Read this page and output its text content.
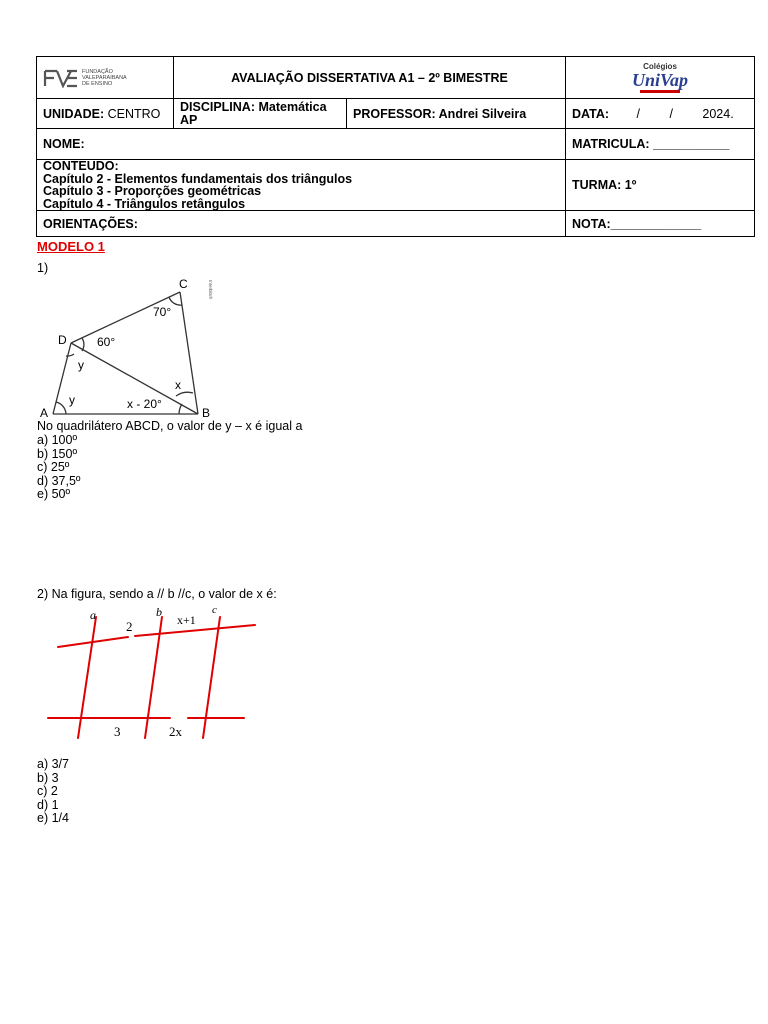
FUNDAÇÃO VALEPARAIBANA DE ENSINO	AVALIAÇÃO DISSERTATIVA A1 – 2º BIMESTRE		Colégios
UniVap

UNIDADE: CENTRO	DISCIPLINA: Matemática AP	PROFESSOR: Andrei Silveira	DATA: / / 2024.
NOME:			MATRICULA: ___________

CONTEUDO:
Capítulo 2 - Elementos fundamentais dos triângulos
Capítulo 3 - Proporções geométricas
Capítulo 4 - Triângulos retângulos			TURMA: 1º
ORIENTAÇÕES:			NOTA:_____________
MODELO 1
1)
C
D
A	B
70°
60°
y
y
x
x - 20°
Interbits®
No quadrilátero ABCD, o valor de y – x é igual a
a) 100º
b) 150º
c) 25º
d) 37,5º
e) 50º
2) Na figura, sendo a // b //c, o valor de x é:
a	b	c
2	x+1
3	2x
a) 3/7
b) 3
c) 2
d) 1
e) 1/4
